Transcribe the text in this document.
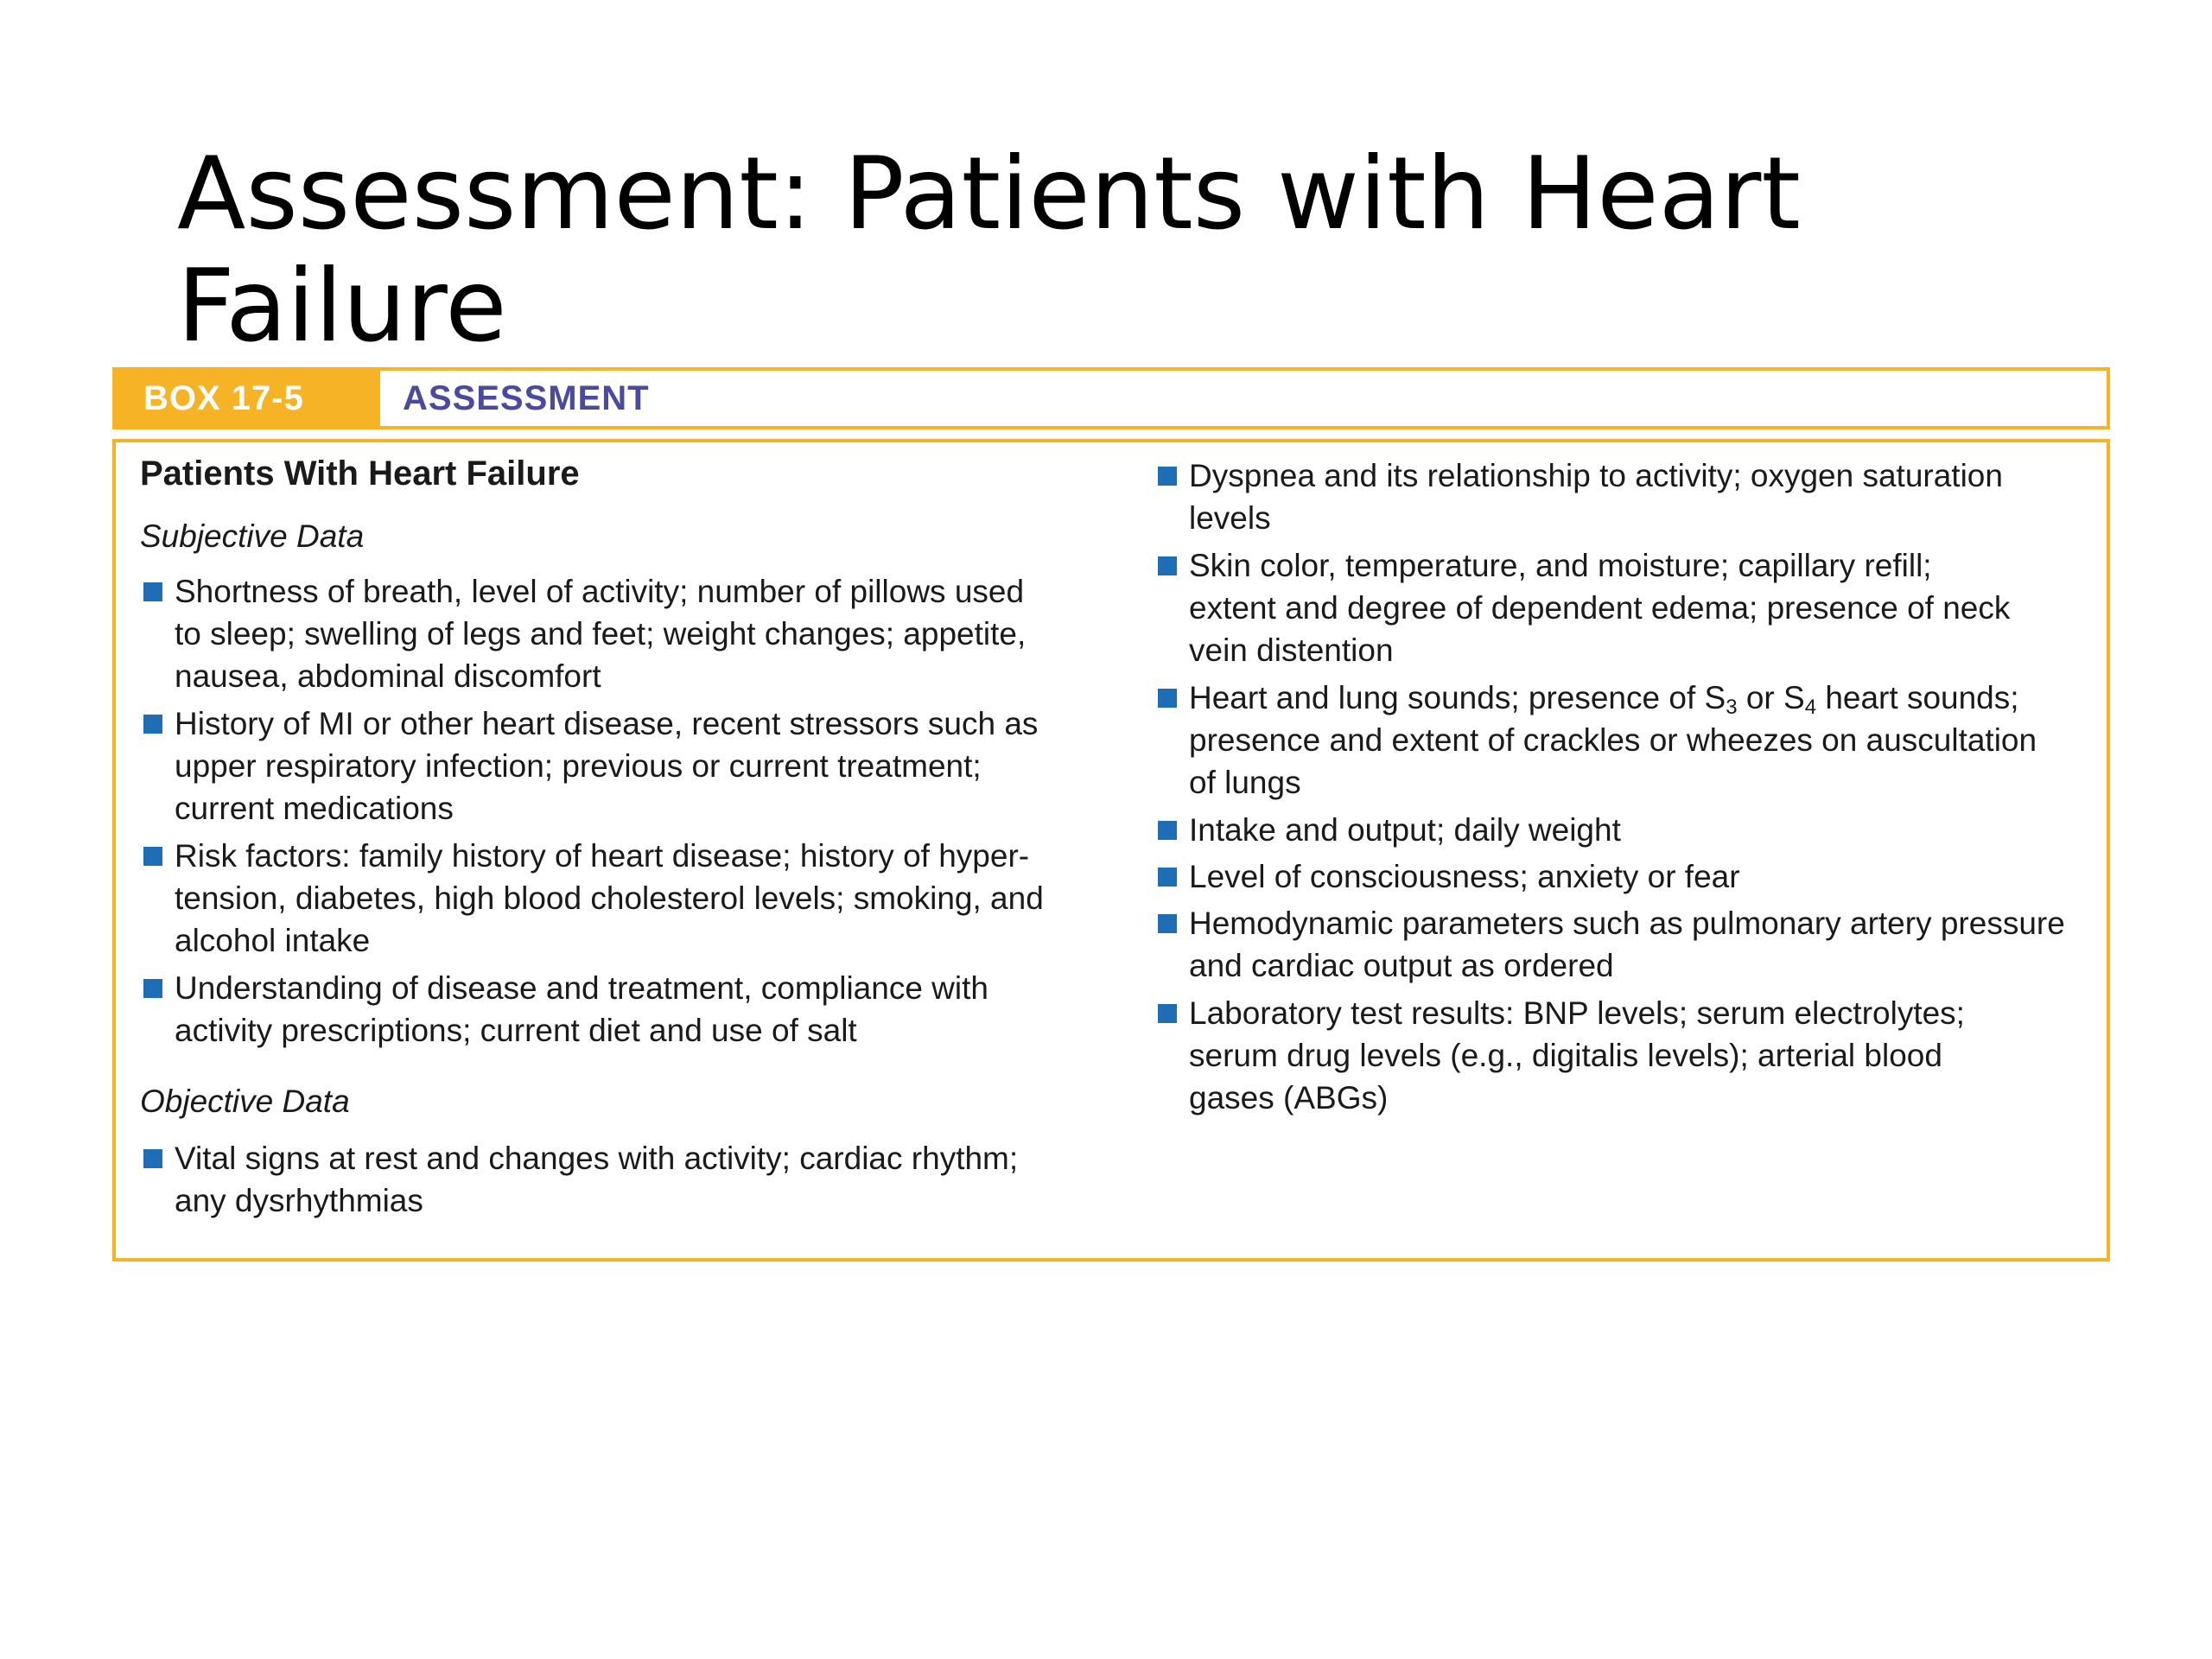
Assessment: Patients with Heart
Failure
BOX 17-5	ASSESSMENT
Patients With Heart Failure
Subjective Data
Shortness of breath, level of activity; number of pillows used
to sleep; swelling of legs and feet; weight changes; appetite,
nausea, abdominal discomfort
History of MI or other heart disease, recent stressors such as
upper respiratory infection; previous or current treatment;
current medications
Risk factors: family history of heart disease; history of hyper-
tension, diabetes, high blood cholesterol levels; smoking, and
alcohol intake
Understanding of disease and treatment, compliance with
activity prescriptions; current diet and use of salt
Objective Data
Vital signs at rest and changes with activity; cardiac rhythm;
any dysrhythmias
Dyspnea and its relationship to activity; oxygen saturation
levels
Skin color, temperature, and moisture; capillary refill;
extent and degree of dependent edema; presence of neck
vein distention
Heart and lung sounds; presence of $S_3$ or $S_4$ heart sounds;
presence and extent of crackles or wheezes on auscultation
of lungs
Intake and output; daily weight
Level of consciousness; anxiety or fear
Hemodynamic parameters such as pulmonary artery pressure
and cardiac output as ordered
Laboratory test results: BNP levels; serum electrolytes;
serum drug levels (e.g., digitalis levels); arterial blood
gases (ABGs)
